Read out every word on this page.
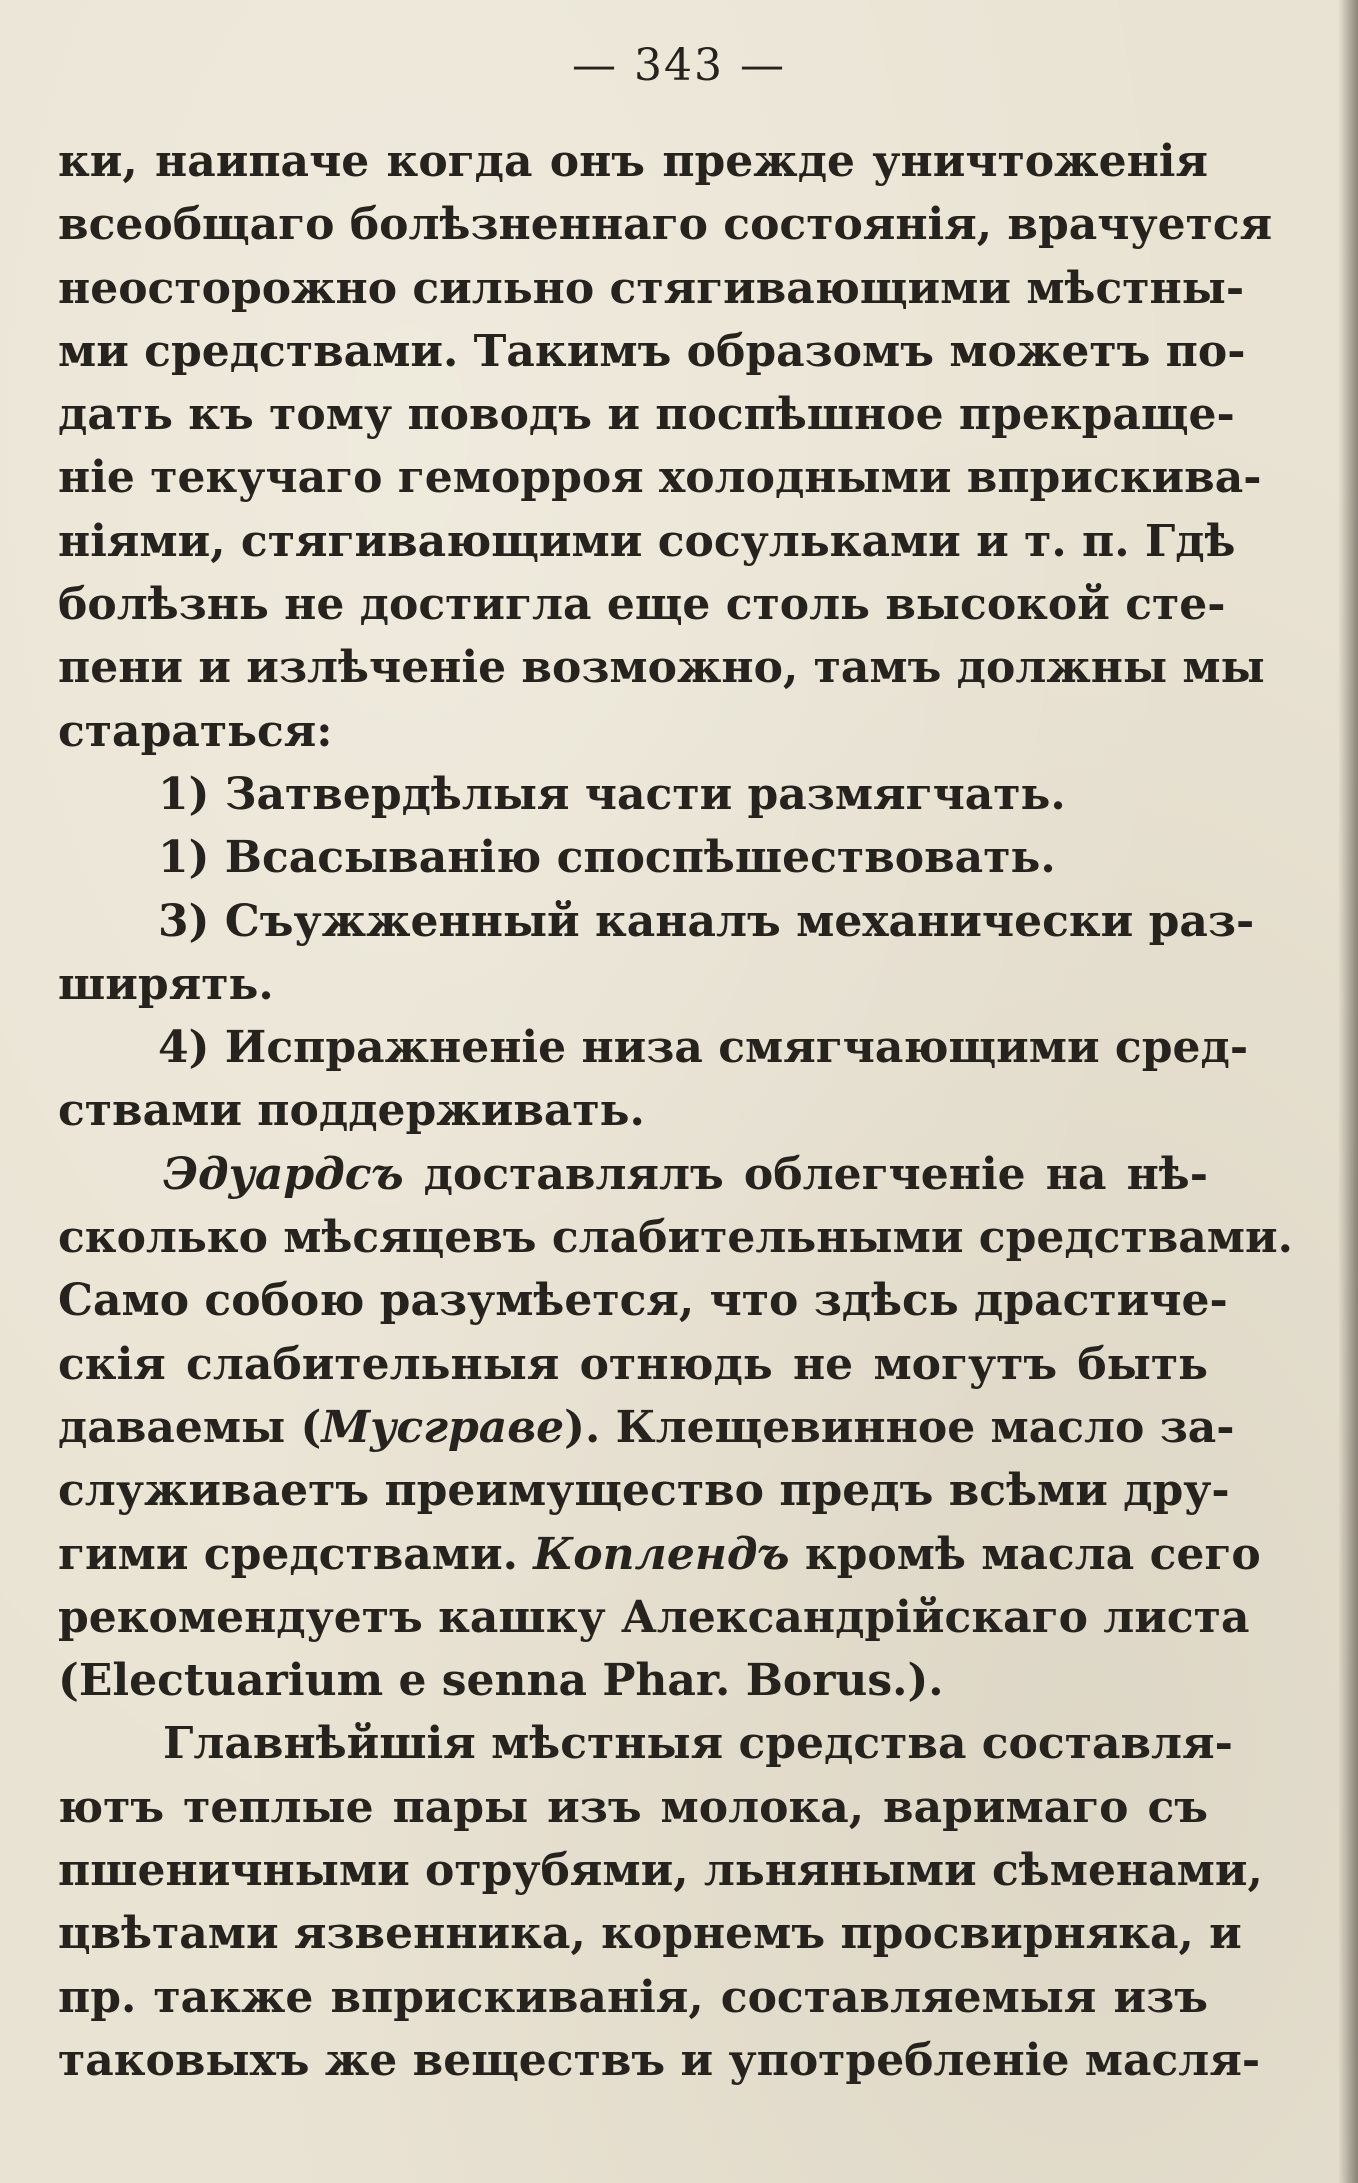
— 343 —
ки, наипаче когда онъ прежде уничтоженія
всеобщаго болѣзненнаго состоянія, врачуется
неосторожно сильно стягивающими мѣстны-
ми средствами. Такимъ образомъ можетъ по-
дать къ тому поводъ и поспѣшное прекраще-
ніе текучаго геморроя холодными вприскива-
ніями, стягивающими сосульками и т. п. Гдѣ
болѣзнь не достигла еще столь высокой сте-
пени и излѣченіе возможно, тамъ должны мы
стараться:
1) Затвердѣлыя части размягчать.
1) Всасыванію споспѣшествовать.
3) Съужженный каналъ механически раз-
ширять.
4) Испражненіе низа смягчающими сред-
ствами поддерживать.
Эдуардсъ доставлялъ облегченіе на нѣ-
сколько мѣсяцевъ слабительными средствами.
Само собою разумѣется, что здѣсь драстиче-
скія слабительныя отнюдь не могутъ быть
даваемы (Мусграве). Клещевинное масло за-
служиваетъ преимущество предъ всѣми дру-
гими средствами. Коплендъ кромѣ масла сего
рекомендуетъ кашку Александрійскаго листа
(Electuarium e senna Phar. Borus.).
Главнѣйшія мѣстныя средства составля-
ютъ теплые пары изъ молока, варимаго съ
пшеничными отрубями, льняными сѣменами,
цвѣтами язвенника, корнемъ просвирняка, и
пр. также вприскиванія, составляемыя изъ
таковыхъ же веществъ и употребленіе масля-
